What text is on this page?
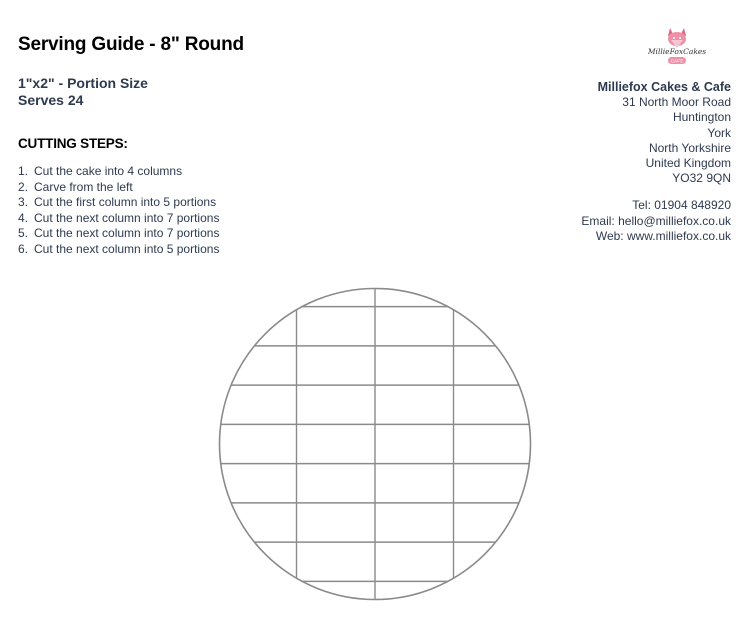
Serving Guide - 8" Round
1"x2" - Portion Size
Serves 24
CUTTING STEPS:
1. Cut the cake into 4 columns
2. Carve from the left
3. Cut the first column into 5 portions
4. Cut the next column into 7 portions
5. Cut the next column into 7 portions
6. Cut the next column into 5 portions
MillieFoxCakes
CAFE
Milliefox Cakes & Cafe
31 North Moor Road
Huntington
York
North Yorkshire
United Kingdom
YO32 9QN
Tel: 01904 848920
Email: hello@milliefox.co.uk
Web: www.milliefox.co.uk
